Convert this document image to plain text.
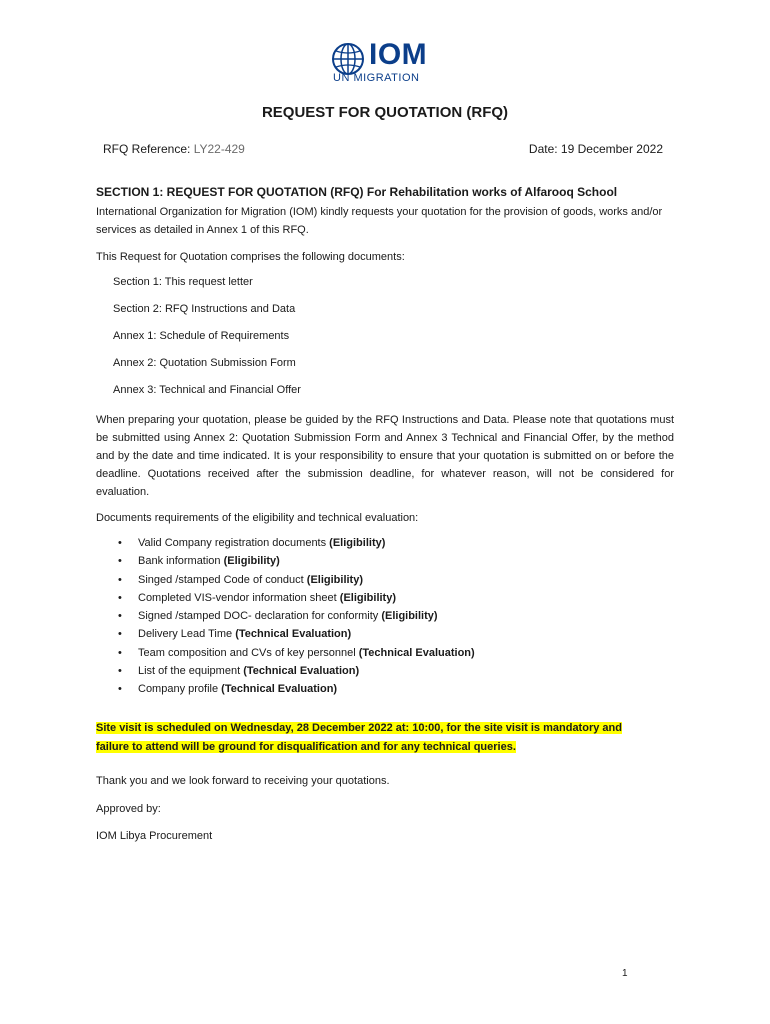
IOM
UN MIGRATION
REQUEST FOR QUOTATION (RFQ)
RFQ Reference: LY22-429	Date: 19 December 2022
SECTION 1: REQUEST FOR QUOTATION (RFQ) For Rehabilitation works of Alfarooq School
International Organization for Migration (IOM) kindly requests your quotation for the provision of goods, works and/or services as detailed in Annex 1 of this RFQ.
This Request for Quotation comprises the following documents:
Section 1: This request letter
Section 2: RFQ Instructions and Data
Annex 1: Schedule of Requirements
Annex 2: Quotation Submission Form
Annex 3: Technical and Financial Offer
When preparing your quotation, please be guided by the RFQ Instructions and Data. Please note that quotations must be submitted using Annex 2: Quotation Submission Form and Annex 3 Technical and Financial Offer, by the method and by the date and time indicated. It is your responsibility to ensure that your quotation is submitted on or before the deadline. Quotations received after the submission deadline, for whatever reason, will not be considered for evaluation.
Documents requirements of the eligibility and technical evaluation:
• Valid Company registration documents (Eligibility)
• Bank information (Eligibility)
• Singed /stamped Code of conduct (Eligibility)
• Completed VIS-vendor information sheet (Eligibility)
• Signed /stamped DOC- declaration for conformity (Eligibility)
• Delivery Lead Time (Technical Evaluation)
• Team composition and CVs of key personnel (Technical Evaluation)
• List of the equipment (Technical Evaluation)
• Company profile (Technical Evaluation)
Site visit is scheduled on Wednesday, 28 December 2022 at: 10:00, for the site visit is mandatory and
failure to attend will be ground for disqualification and for any technical queries.
Thank you and we look forward to receiving your quotations.
Approved by:
IOM Libya Procurement
1
